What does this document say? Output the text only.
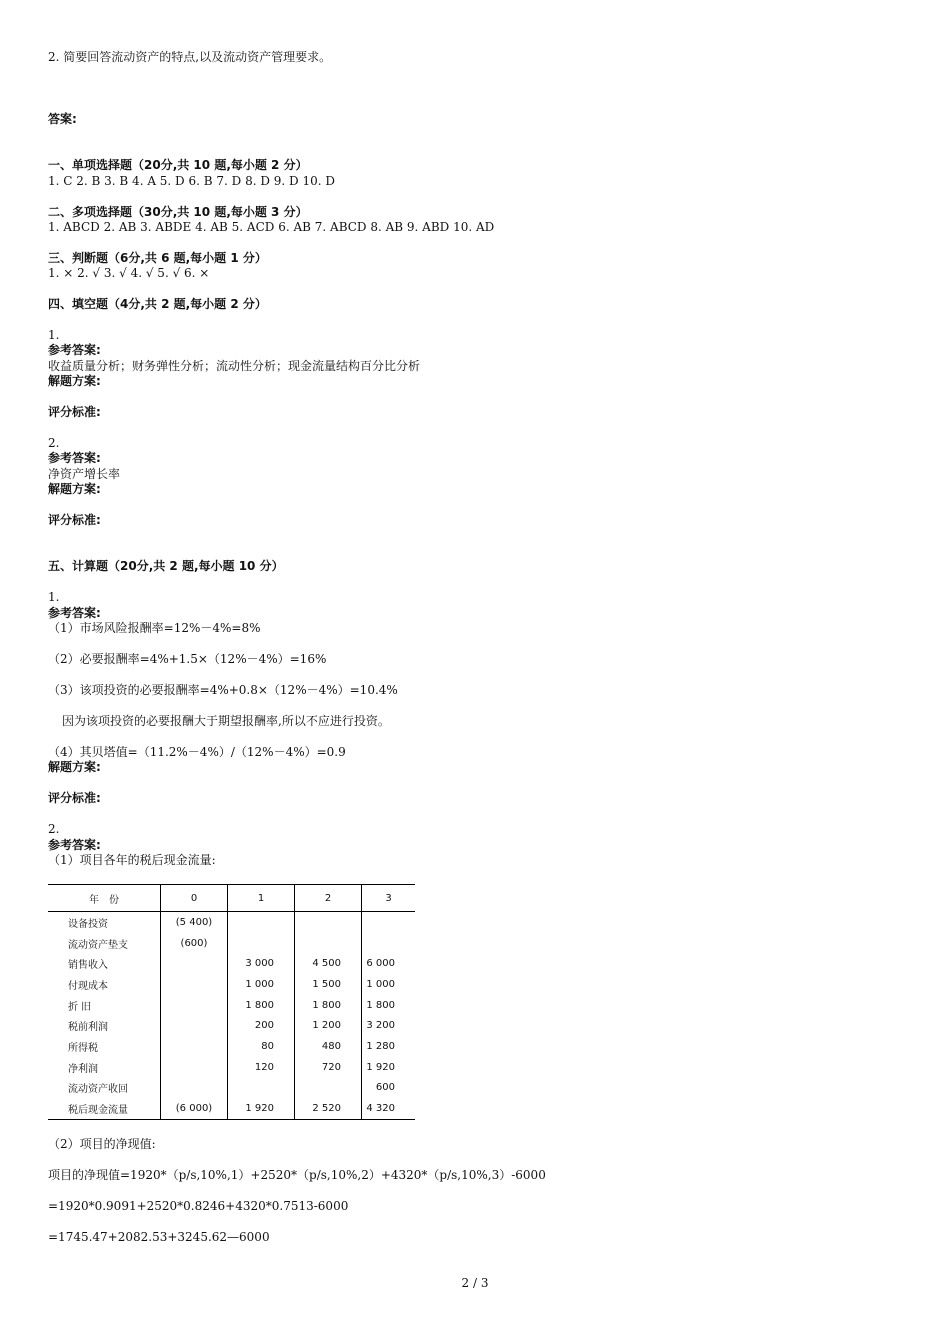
2. 简要回答流动资产的特点,以及流动资产管理要求。
答案:
一、单项选择题（20分,共 10 题,每小题 2 分）
1. C 2. B 3. B 4. A 5. D 6. B 7. D 8. D 9. D 10. D
二、多项选择题（30分,共 10 题,每小题 3 分）
1. ABCD 2. AB 3. ABDE 4. AB 5. ACD 6. AB 7. ABCD 8. AB 9. ABD 10. AD
三、判断题（6分,共 6 题,每小题 1 分）
1. × 2. √ 3. √ 4. √ 5. √ 6. ×
四、填空题（4分,共 2 题,每小题 2 分）
1.
参考答案:
收益质量分析；财务弹性分析；流动性分析；现金流量结构百分比分析
解题方案:
评分标准:
2.
参考答案:
净资产增长率
解题方案:
评分标准:
五、计算题（20分,共 2 题,每小题 10 分）
1.
参考答案:
（1）市场风险报酬率=12%－4%=8%
（2）必要报酬率=4%+1.5×（12%－4%）=16%
（3）该项投资的必要报酬率=4%+0.8×（12%－4%）=10.4%
因为该项投资的必要报酬大于期望报酬率,所以不应进行投资。
（4）其贝塔值=（11.2%－4%）/（12%－4%）=0.9
解题方案:
评分标准:
2.
参考答案:
（1）项目各年的税后现金流量:
年　份	0	1	2	3
设备投资	(5 400)			
流动资产垫支	(600)			
销售收入		3 000	4 500	6 000
付现成本		1 000	1 500	1 000
折 旧		1 800	1 800	1 800
税前利润		200	1 200	3 200
所得税		80	480	1 280
净利润		120	720	1 920
流动资产收回				600
税后现金流量	(6 000)	1 920	2 520	4 320
（2）项目的净现值:
项目的净现值=1920*（p/s,10%,1）+2520*（p/s,10%,2）+4320*（p/s,10%,3）-6000
=1920*0.9091+2520*0.8246+4320*0.7513-6000
=1745.47+2082.53+3245.62—6000
2 / 3
